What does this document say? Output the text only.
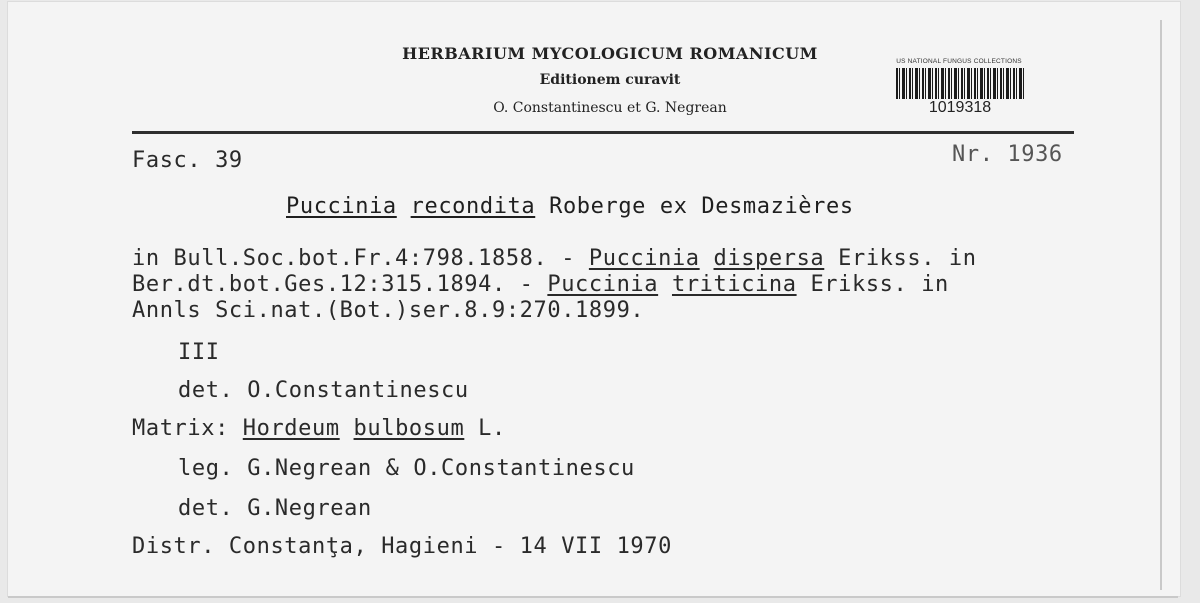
HERBARIUM MYCOLOGICUM ROMANICUM
Editionem curavit
O. Constantinescu et G. Negrean
US NATIONAL FUNGUS COLLECTIONS
1019318
Fasc. 39	Nr. 1936
Puccinia recondita Roberge ex Desmazières
in Bull.Soc.bot.Fr.4:798.1858. - Puccinia dispersa Erikss. in
Ber.dt.bot.Ges.12:315.1894. - Puccinia triticina Erikss. in
Annls Sci.nat.(Bot.)ser.8.9:270.1899.
III
det. O.Constantinescu
Matrix: Hordeum bulbosum L.
leg. G.Negrean & O.Constantinescu
det. G.Negrean
Distr. Constanţa, Hagieni - 14 VII 1970
